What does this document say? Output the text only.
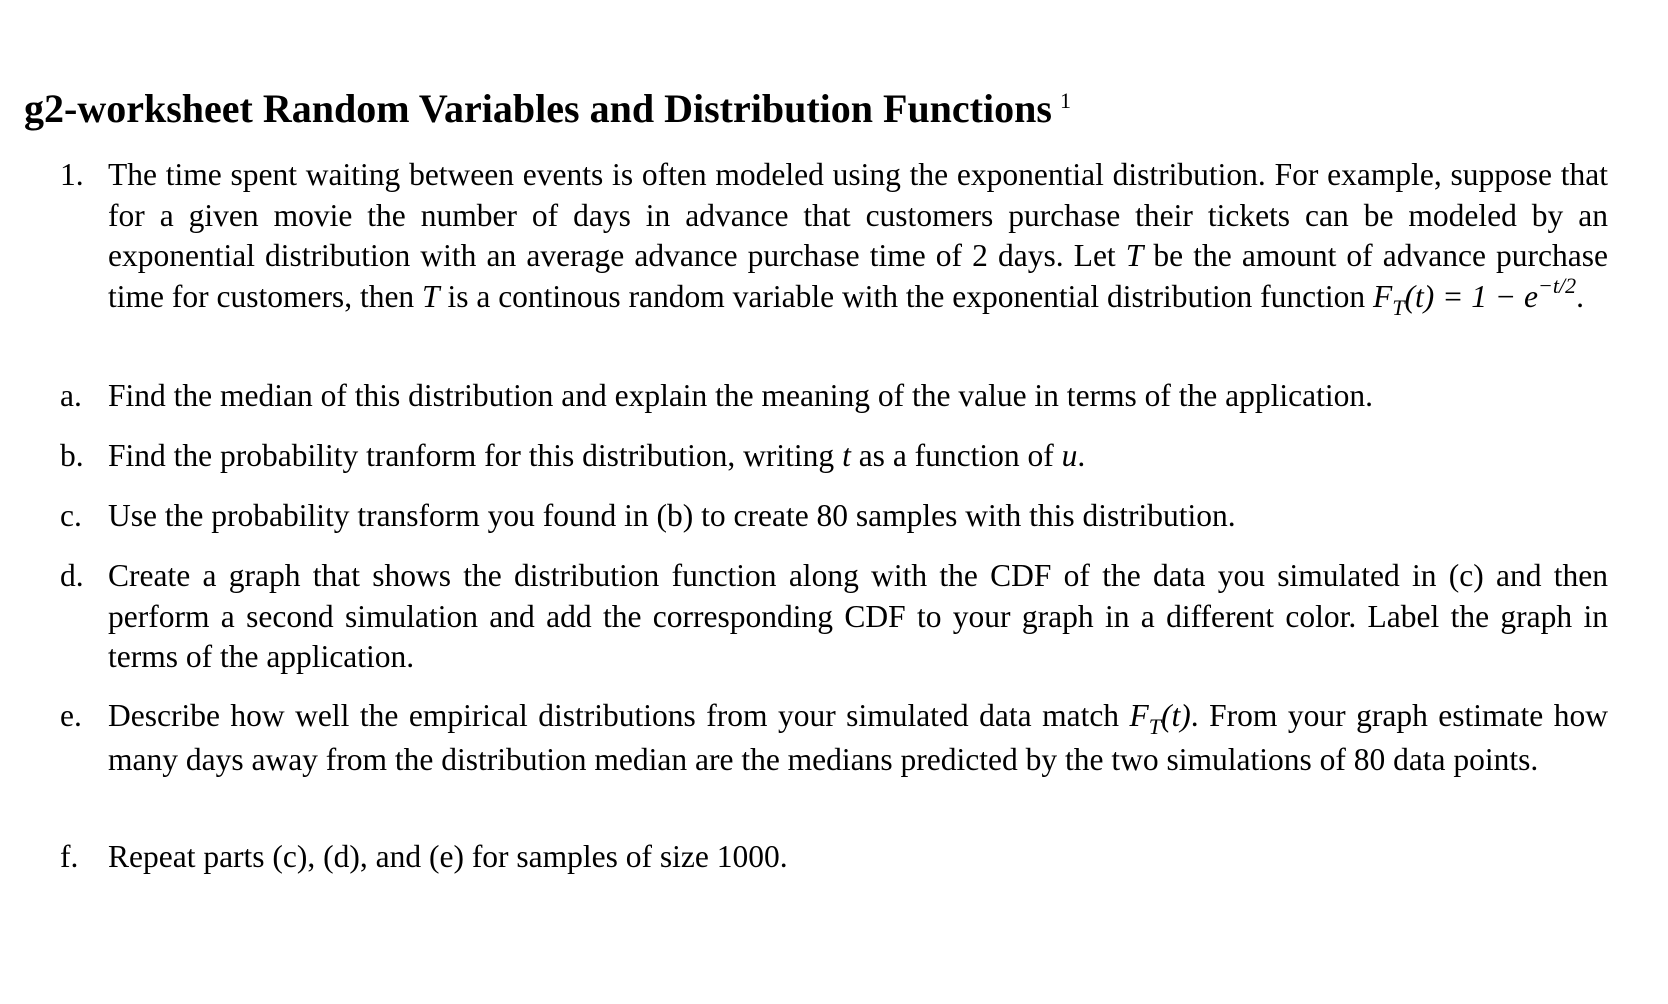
g2-worksheet Random Variables and Distribution Functions $^1$
1. The time spent waiting between events is often modeled using the exponential distribution. For example, suppose that for a given movie the number of days in advance that customers purchase their tickets can be modeled by an exponential distribution with an average advance purchase time of 2 days. Let T be the amount of advance purchase time for customers, then T is a continous random variable with the exponential distribution function $F_T(t) = 1 - e^{-t/2}$.
a. Find the median of this distribution and explain the meaning of the value in terms of the application.
b. Find the probability tranform for this distribution, writing t as a function of u.
c. Use the probability transform you found in (b) to create 80 samples with this distribution.
d. Create a graph that shows the distribution function along with the CDF of the data you simulated in (c) and then perform a second simulation and add the corresponding CDF to your graph in a different color. Label the graph in terms of the application.
e. Describe how well the empirical distributions from your simulated data match $F_T(t)$. From your graph estimate how many days away from the distribution median are the medians predicted by the two simulations of 80 data points.
f. Repeat parts (c), (d), and (e) for samples of size 1000.
